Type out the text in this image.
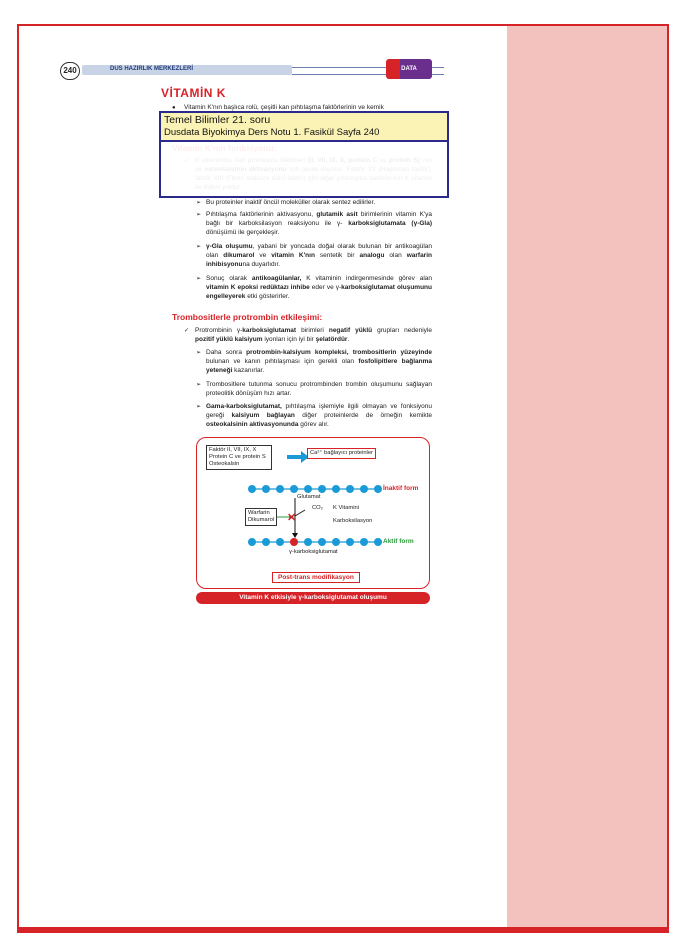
240	DUS HAZIRLIK MERKEZLERİ	DATA
VİTAMİN K
● Vitamin K'nın başlıca rolü, çeşitli kan pıhtılaşma faktörlerinin ve kemik
➢ Bu proteinler inaktif öncül moleküller olarak sentez edilirler.
➢ Pıhtılaşma faktörlerinin aktivasyonu, glutamik asit birimlerinin vitamin K'ya bağlı bir karboksilasyon reaksiyonu ile γ- karboksiglutamata (γ-Gla) dönüşümü ile gerçekleşir.
➢ γ-Gla oluşumu, yabani bir yoncada doğal olarak bulunan bir antikoagülan olan dikumarol ve vitamin K'nın sentetik bir analogu olan warfarin inhibisyonuna duyarlıdır.
➢ Sonuç olarak antikoagülanlar, K vitaminin indirgenmesinde görev alan vitamin K epoksi redüktazı inhibe eder ve γ-karboksiglutamat oluşumunu engelleyerek etki gösterirler.
Trombositlerle protrombin etkileşimi:
✓ Protrombinin γ-karboksiglutamat birimleri negatif yüklü grupları nedeniyle pozitif yüklü kalsiyum iyonları için iyi bir şelatördür.
➢ Daha sonra protrombin-kalsiyum kompleksi, trombositlerin yüzeyinde bulunan ve kanın pıhtılaşması için gerekli olan fosfolipitlere bağlanma yeteneği kazanırlar.
➢ Trombositlere tutunma sonucu protrombinden trombin oluşumunu sağlayan proteolitik dönüşüm hızı artar.
➢ Gama-karboksiglutamat, pıhtılaşma işlemiyle ilgili olmayan ve fonksiyonu gereği kalsiyum bağlayan diğer proteinlerde de örneğin kemikte osteokalsinin aktivasyonunda görev alır.
Faktör II, VII, IX, X
Protein C ve protein S
Osteokalsin
✕
Ca²⁺ bağlayıcı proteinler
İnaktif form
Glutamat
CO₂ K Vitamini
Karboksilasyon
Warfarin
Dikumarol
Aktif form
γ-karboksiglutamat
Post-trans modifikasyon
Vitamin K etkisiyle γ-karboksiglutamat oluşumu
Temel Bilimler 21. soru
Dusdata Biyokimya Ders Notu 1. Fasikül Sayfa 240
